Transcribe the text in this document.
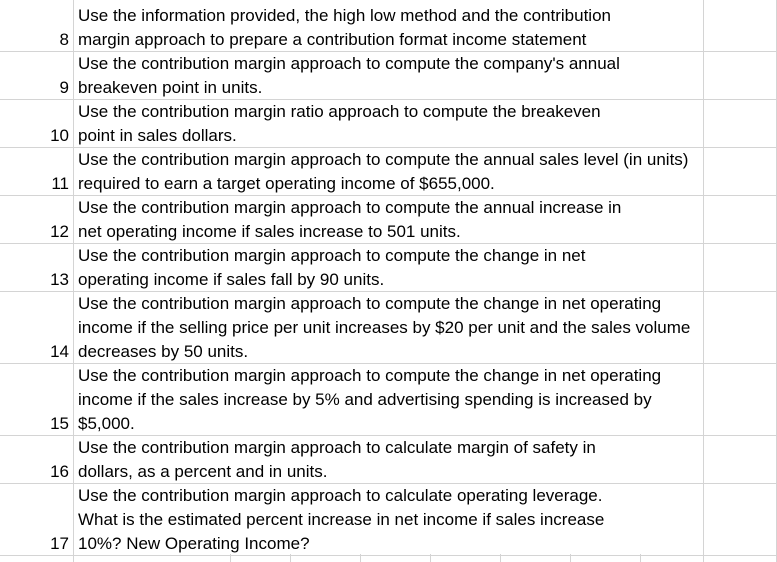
8
Use the information provided, the high low method and the contribution
margin approach to prepare a contribution format income statement
9
Use the contribution margin approach to compute the company's annual
breakeven point in units.
10
Use the contribution margin ratio approach to compute the breakeven
point in sales dollars.
11
Use the contribution margin approach to compute the annual sales level (in units)
required to earn a target operating income of $655,000.
12
Use the contribution margin approach to compute the annual increase in
net operating income if sales increase to 501 units.
13
Use the contribution margin approach to compute the change in net
operating income if sales fall by 90 units.
14
Use the contribution margin approach to compute the change in net operating
income if the selling price per unit increases by $20 per unit and the sales volume
decreases by 50 units.
15
Use the contribution margin approach to compute the change in net operating
income if the sales increase by 5% and advertising spending is increased by
$5,000.
16
Use the contribution margin approach to calculate margin of safety in
dollars, as a percent and in units.
17
Use the contribution margin approach to calculate operating leverage.
What is the estimated percent increase in net income if sales increase
10%? New Operating Income?
